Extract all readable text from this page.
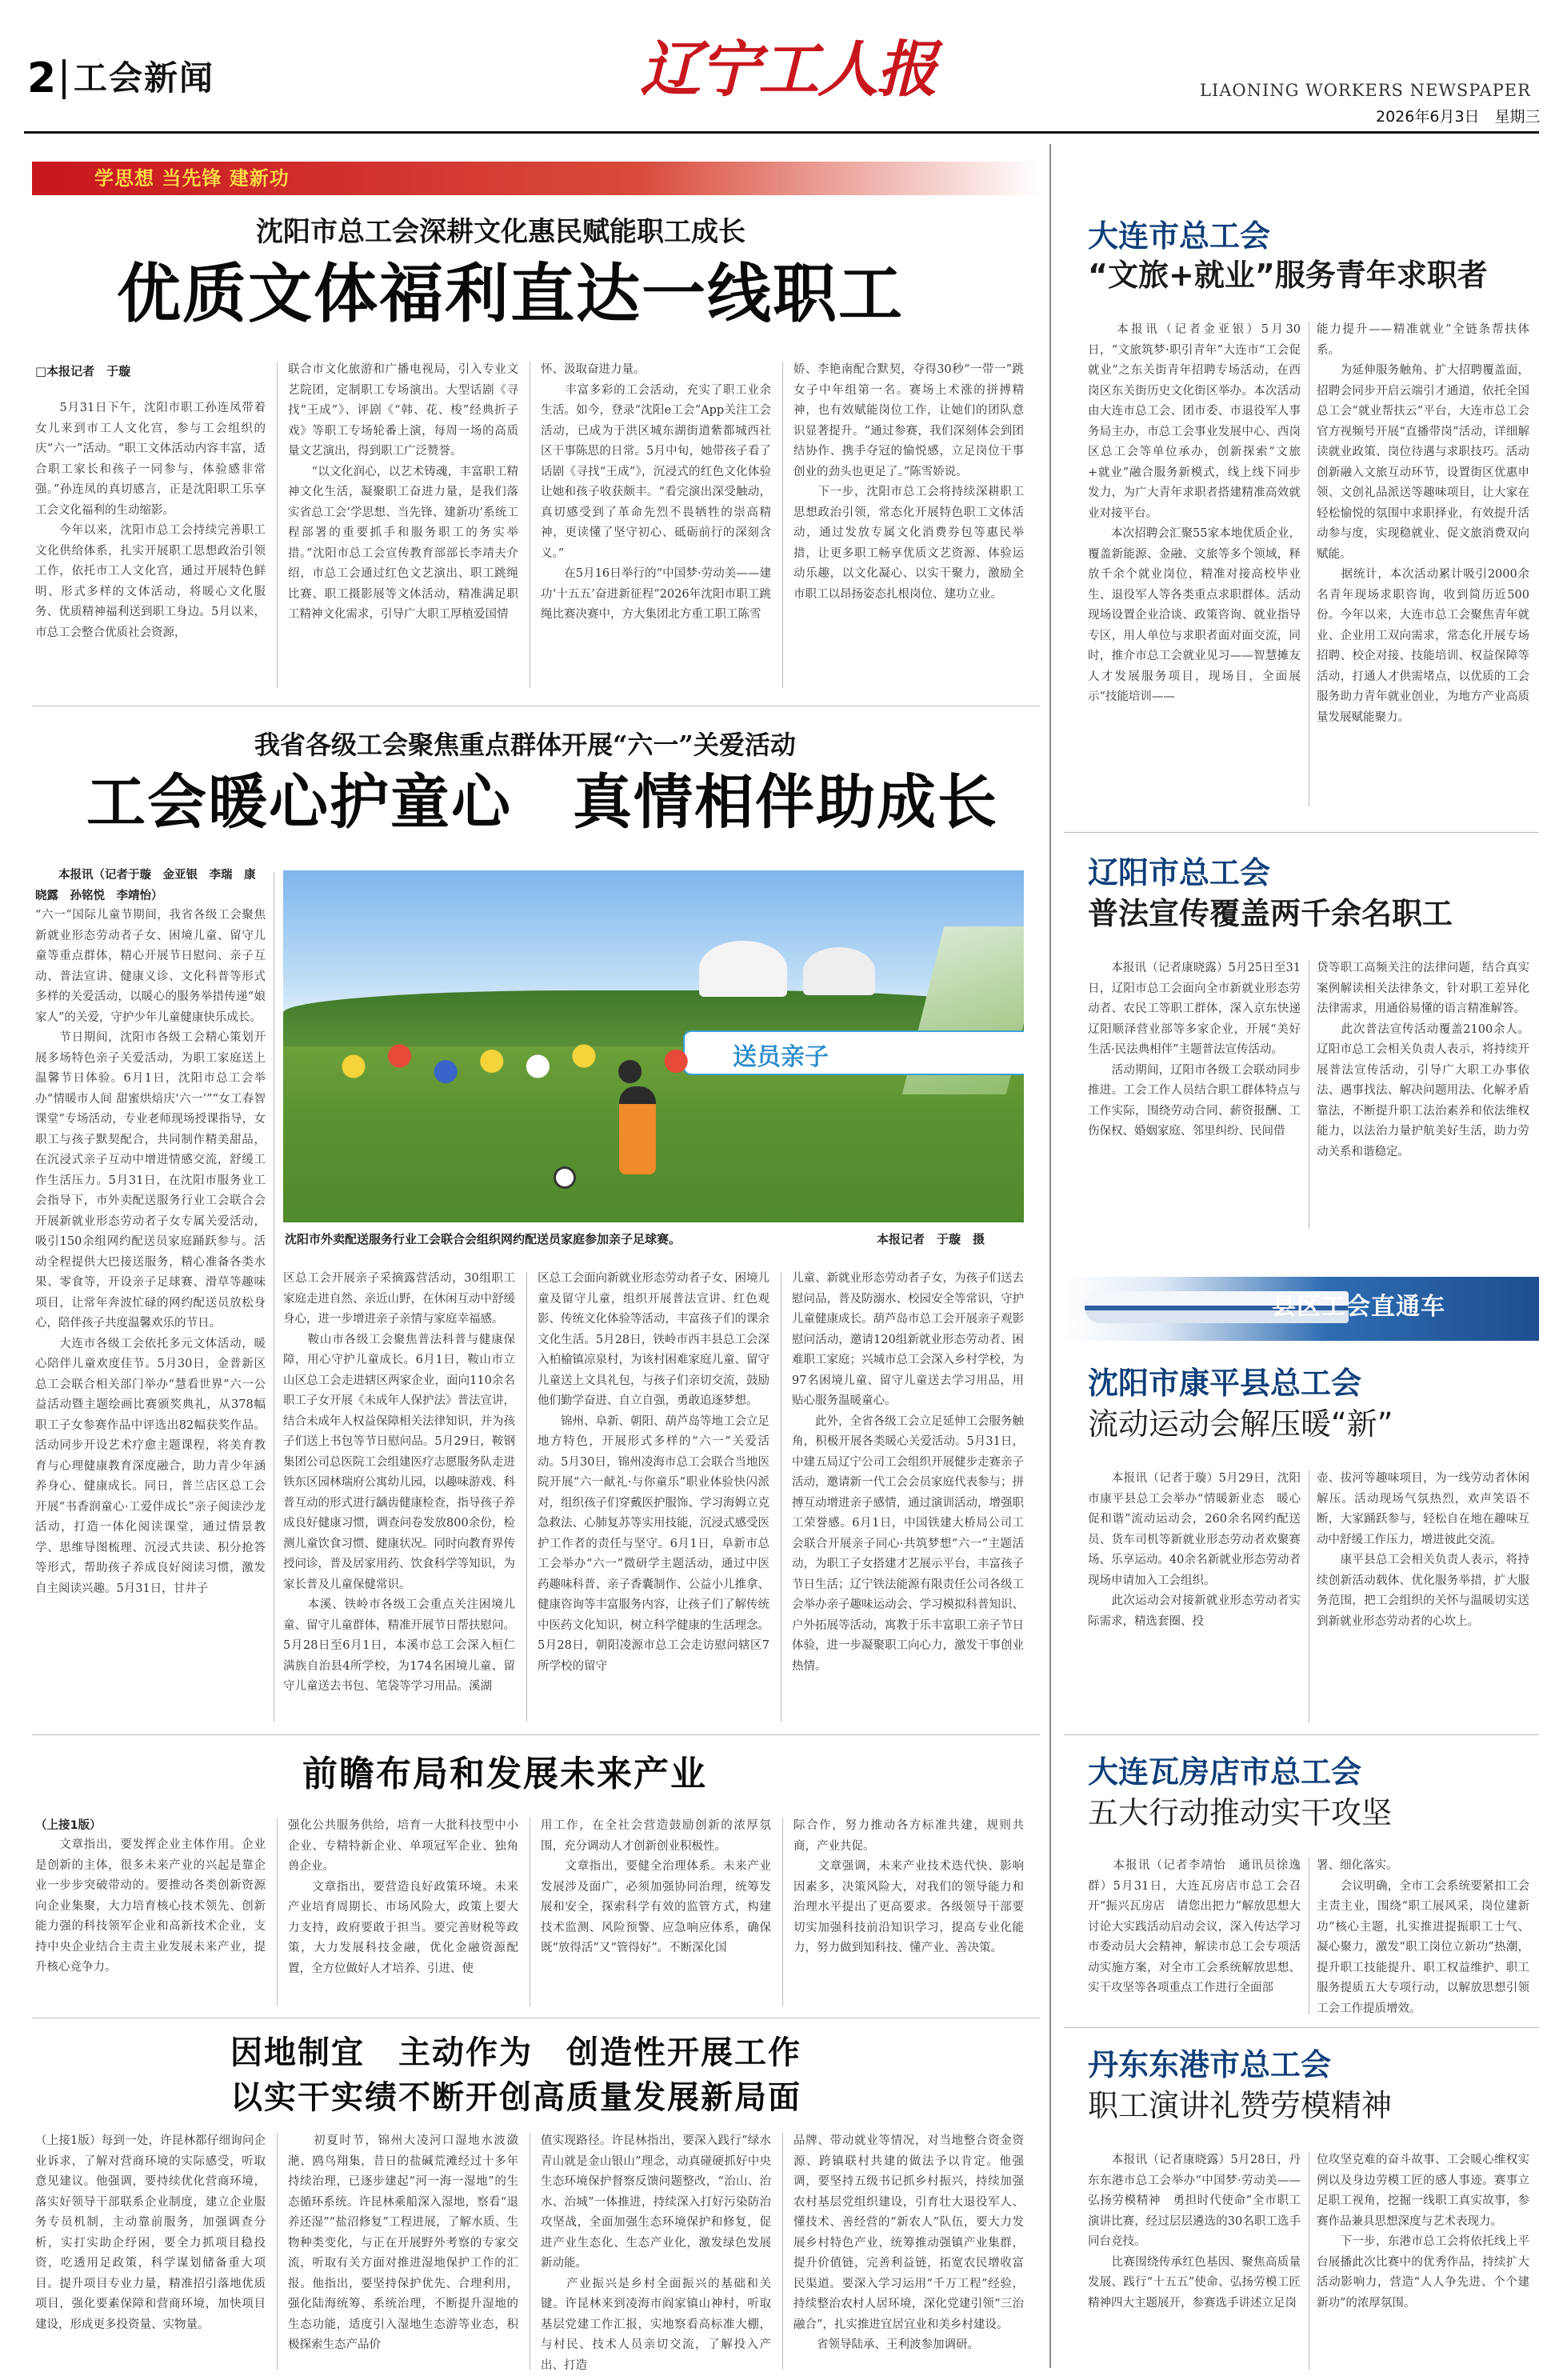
2 工会新闻	辽宁工人报	LIAONING WORKERS NEWSPAPER
2026年6月3日　 星期三
学思想 当先锋 建新功
沈阳市总工会深耕文化惠民赋能职工成长
优质文体福利直达一线职工
□本报记者　于璇

　　5月31日下午，沈阳市职工孙连凤带着女儿来到市工人文化宫，参与工会组织的庆“六一”活动。“职工文体活动内容丰富，适合职工家长和孩子一同参与，体验感非常强。”孙连凤的真切感言，正是沈阳职工乐享工会文化福利的生动缩影。
　　今年以来，沈阳市总工会持续完善职工文化供给体系，扎实开展职工思想政治引领工作，依托市工人文化宫，通过开展特色鲜明、形式多样的文体活动，将暖心文化服务、优质精神福利送到职工身边。5月以来，市总工会整合优质社会资源，

联合市文化旅游和广播电视局，引入专业文艺院团，定制职工专场演出。大型话剧《寻找“王成”》、评剧《“韩、花、梭”经典折子戏》等职工专场轮番上演，每周一场的高质量文艺演出，得到职工广泛赞誉。
　　“以文化润心，以艺术铸魂，丰富职工精神文化生活，凝聚职工奋进力量，是我们落实省总工会‘学思想、当先锋、建新功’系统工程部署的重要抓手和服务职工的务实举措。”沈阳市总工会宣传教育部部长李靖夫介绍，市总工会通过红色文艺演出、职工跳绳比赛、职工摄影展等文体活动，精准满足职工精神文化需求，引导广大职工厚植爱国情

怀、汲取奋进力量。
　　丰富多彩的工会活动，充实了职工业余生活。如今，登录“沈阳e工会”App关注工会活动，已成为于洪区城东湖街道紫都城西社区干事陈思的日常。5月中旬，她带孩子看了话剧《寻找“王成”》，沉浸式的红色文化体验让她和孩子收获颇丰。“看完演出深受触动，真切感受到了革命先烈不畏牺牲的崇高精神，更读懂了坚守初心、砥砺前行的深刻含义。”
　　在5月16日举行的“中国梦·劳动美——建功‘十五五’奋进新征程”2026年沈阳市职工跳绳比赛决赛中，方大集团北方重工职工陈雪

娇、李艳南配合默契，夺得30秒“一带一”跳女子中年组第一名。赛场上术涨的拼搏精神，也有效赋能岗位工作，让她们的团队意识显著提升。“通过参赛，我们深刻体会到团结协作、携手夺冠的愉悦感，立足岗位干事创业的劲头也更足了。”陈雪娇说。
　　下一步，沈阳市总工会将持续深耕职工思想政治引领，常态化开展特色职工文体活动，通过发放专属文化消费券包等惠民举措，让更多职工畅享优质文艺资源、体验运动乐趣，以文化凝心、以实干聚力，激励全市职工以昂扬姿态扎根岗位、建功立业。

我省各级工会聚焦重点群体开展“六一”关爱活动
工会暖心护童心　真情相伴助成长
　　本报讯（记者于璇　金亚银　李瑞　康晓露　孙铭悦　李靖怡）

“六一”国际儿童节期间，我省各级工会聚焦新就业形态劳动者子女、困境儿童、留守儿童等重点群体，精心开展节日慰问、亲子互动、普法宣讲、健康义诊、文化科普等形式多样的关爱活动，以暖心的服务举措传递“娘家人”的关爱，守护少年儿童健康快乐成长。
　　节日期间，沈阳市各级工会精心策划开展多场特色亲子关爱活动，为职工家庭送上温馨节日体验。6月1日，沈阳市总工会举办“情暖市人间 甜蜜烘焙庆‘六一’”“女工春智课堂”专场活动，专业老师现场授课指导，女职工与孩子默契配合，共同制作精美甜品，在沉浸式亲子互动中增进情感交流，舒缓工作生活压力。5月31日，在沈阳市服务业工会指导下，市外卖配送服务行业工会联合会开展新就业形态劳动者子女专属关爱活动，吸引150余组网约配送员家庭踊跃参与。活动全程提供大巴接送服务，精心准备各类水果、零食等，开设亲子足球赛、滑草等趣味项目，让常年奔波忙碌的网约配送员放松身心，陪伴孩子共度温馨欢乐的节日。
　　大连市各级工会依托多元文体活动，暖心陪伴儿童欢度佳节。5月30日，金普新区总工会联合相关部门举办“慧看世界”六一公益活动暨主题绘画比赛颁奖典礼，从378幅职工子女参赛作品中评选出82幅获奖作品。活动同步开设艺术疗愈主题课程，将美育教育与心理健康教育深度融合，助力青少年涵养身心、健康成长。同日，普兰店区总工会开展“书香润童心·工爱伴成长”亲子阅读沙龙活动，打造一体化阅读课堂，通过情景教学、思维导图梳理、沉浸式共读、积分抢答等形式，帮助孩子养成良好阅读习惯，激发自主阅读兴趣。5月31日，甘井子

送员亲子
沈阳市外卖配送服务行业工会联合会组织网约配送员家庭参加亲子足球赛。	本报记者　于璇　摄

区总工会开展亲子采摘露营活动，30组职工家庭走进自然、亲近山野，在休闲互动中舒缓身心，进一步增进亲子亲情与家庭幸福感。
　　鞍山市各级工会聚焦普法科普与健康保障，用心守护儿童成长。6月1日，鞍山市立山区总工会走进辖区两家企业，面向110余名职工子女开展《未成年人保护法》普法宣讲，结合未成年人权益保障相关法律知识，并为孩子们送上书包等节日慰问品。5月29日，鞍钢集团公司总医院工会组建医疗志愿服务队走进铁东区园林瑞府公寓幼儿园，以趣味游戏、科普互动的形式进行龋齿健康检查，指导孩子养成良好健康习惯，调查问卷发放800余份，检测儿童饮食习惯、健康状况。同时向教育界传授问诊，普及居家用药、饮食科学等知识，为家长普及儿童保健常识。
　　本溪、铁岭市各级工会重点关注困境儿童、留守儿童群体，精准开展节日帮扶慰问。5月28日至6月1日，本溪市总工会深入桓仁满族自治县4所学校，为174名困境儿童、留守儿童送去书包、笔袋等学习用品。溪湖

区总工会面向新就业形态劳动者子女、困境儿童及留守儿童，组织开展普法宣讲、红色观影、传统文化体验等活动，丰富孩子们的课余文化生活。5月28日，铁岭市西丰县总工会深入柏榆镇凉泉村，为该村困难家庭儿童、留守儿童送上文具礼包，与孩子们亲切交流，鼓励他们勤学奋进、自立自强，勇敢追逐梦想。
　　锦州、阜新、朝阳、葫芦岛等地工会立足地方特色，开展形式多样的“六一”关爱活动。5月30日，锦州凌海市总工会联合当地医院开展“六一献礼·与你童乐”职业体验快闪派对，组织孩子们穿戴医护服饰、学习海姆立克急救法、心肺复苏等实用技能，沉浸式感受医护工作者的责任与坚守。6月1日，阜新市总工会举办“六一”微研学主题活动，通过中医药趣味科普、亲子香囊制作、公益小儿推拿、健康咨询等丰富服务内容，让孩子们了解传统中医药文化知识，树立科学健康的生活理念。5月28日，朝阳凌源市总工会走访慰问辖区7所学校的留守

儿童、新就业形态劳动者子女，为孩子们送去慰问品，普及防溺水、校园安全等常识，守护儿童健康成长。葫芦岛市总工会开展亲子观影慰问活动，邀请120组新就业形态劳动者、困难职工家庭；兴城市总工会深入乡村学校，为97名困境儿童、留守儿童送去学习用品，用贴心服务温暖童心。
　　此外，全省各级工会立足延伸工会服务触角，积极开展各类暖心关爱活动。5月31日，中建五局辽宁公司工会组织开展健步走赛亲子活动，邀请新一代工会会员家庭代表参与；拼搏互动增进亲子感情，通过演训活动，增强职工荣誉感。6月1日，中国铁建大桥局公司工会联合开展亲子同心·共筑梦想“六一”主题活动，为职工子女搭建才艺展示平台，丰富孩子节日生活；辽宁铁法能源有限责任公司各级工会举办亲子趣味运动会、学习模拟科普知识、户外拓展等活动，寓教于乐丰富职工亲子节日体验，进一步凝聚职工向心力，激发干事创业热情。

前瞻布局和发展未来产业
（上接1版）

　　文章指出，要发挥企业主体作用。企业是创新的主体，很多未来产业的兴起是靠企业一步步突破带动的。要推动各类创新资源向企业集聚，大力培育核心技术领先、创新能力强的科技领军企业和高新技术企业，支持中央企业结合主责主业发展未来产业，提升核心竞争力。

强化公共服务供给，培育一大批科技型中小企业、专精特新企业、单项冠军企业、独角兽企业。
　　文章指出，要营造良好政策环境。未来产业培育周期长、市场风险大，政策上要大力支持，政府要敢于担当。要完善财税等政策，大力发展科技金融，优化金融资源配置，全方位做好人才培养、引进、使

用工作，在全社会营造鼓励创新的浓厚氛围，充分调动人才创新创业积极性。
　　文章指出，要健全治理体系。未来产业发展涉及面广，必须加强协同治理，统筹发展和安全，探索科学有效的监管方式，构建技术监测、风险预警、应急响应体系，确保既“放得活”又“管得好”。不断深化国

际合作，努力推动各方标准共建，规则共商，产业共促。
　　文章强调，未来产业技术迭代快、影响因素多，决策风险大，对我们的领导能力和治理水平提出了更高要求。各级领导干部要切实加强科技前沿知识学习，提高专业化能力，努力做到知科技、懂产业、善决策。

因地制宜　主动作为　创造性开展工作
以实干实绩不断开创高质量发展新局面

（上接1版）每到一处，许昆林都仔细询问企业诉求，了解对营商环境的实际感受，听取意见建议。他强调，要持续优化营商环境，落实好领导干部联系企业制度，建立企业服务专员机制，主动靠前服务，加强调查分析，实打实助企纾困，要全力抓项目稳投资，吃透用足政策，科学谋划储备重大项目。提升项目专业力量，精准招引落地优质项目，强化要素保障和营商环境，加快项目建设，形成更多投资量、实物量。

　　初夏时节，锦州大凌河口湿地水波潋滟、鸥鸟翔集，昔日的盐碱荒滩经过十多年持续治理，已逐步建起“河一海一湿地”的生态循环系统。许昆林乘船深入湿地，察看“退养还湿”“盐沼修复”工程进展，了解水质、生物种类变化，与正在开展野外考察的专家交流，听取有关方面对推进湿地保护工作的汇报。他指出，要坚持保护优先、合理利用，强化陆海统筹、系统治理，不断提升湿地的生态功能，适度引入湿地生态游等业态，积极探索生态产品价

值实现路径。许昆林指出，要深入践行“绿水青山就是金山银山”理念，动真碰硬抓好中央生态环境保护督察反馈问题整改，“治山、治水、治城”一体推进，持续深入打好污染防治攻坚战，全面加强生态环境保护和修复，促进产业生态化、生态产业化，激发绿色发展新动能。
　　产业振兴是乡村全面振兴的基础和关键。许昆林来到凌海市阎家镇山神村，听取基层党建工作汇报，实地察看高标准大棚，与村民、技术人员亲切交流，了解投入产出、打造

品牌、带动就业等情况，对当地整合资金资源、跨镇联村共建的做法予以肯定。他强调，要坚持五级书记抓乡村振兴，持续加强农村基层党组织建设，引育壮大退役军人、懂技术、善经营的“新农人”队伍，要大力发展乡村特色产业，统筹推动强镇产业集群，提升价值链，完善利益链，拓宽农民增收富民渠道。要深入学习运用“千万工程”经验，持续整治农村人居环境，深化党建引领“三治融合”，扎实推进宜居宜业和美乡村建设。
　　省领导陆承、王利波参加调研。

大连市总工会
“文旅+就业”服务青年求职者

　　本报讯（记者金亚银）5月30日，“文旅筑梦·职引青年”大连市“工会促就业”之东关街青年招聘专场活动，在西岗区东关街历史文化街区举办。本次活动由大连市总工会、团市委、市退役军人事务局主办，市总工会事业发展中心、西岗区总工会等单位承办，创新探索“文旅+就业”融合服务新模式，线上线下同步发力，为广大青年求职者搭建精准高效就业对接平台。
　　本次招聘会汇聚55家本地优质企业，覆盖新能源、金融、文旅等多个领域，释放千余个就业岗位，精准对接高校毕业生、退役军人等各类重点求职群体。活动现场设置企业洽谈、政策咨询、就业指导专区，用人单位与求职者面对面交流，同时，推介市总工会就业见习——智慧摊友人才发展服务项目，现场目，全面展示“技能培训——

能力提升——精准就业”全链条帮扶体系。
　　为延伸服务触角、扩大招聘覆盖面，招聘会同步开启云端引才通道，依托全国总工会“就业帮扶云”平台，大连市总工会官方视频号开展“直播带岗”活动，详细解读就业政策、岗位待遇与求职技巧。活动创新融入文旅互动环节，设置街区优惠申领、文创礼品派送等趣味项目，让大家在轻松愉悦的氛围中求职择业，有效提升活动参与度，实现稳就业、促文旅消费双向赋能。
　　据统计，本次活动累计吸引2000余名青年现场求职咨询，收到简历近500份。今年以来，大连市总工会聚焦青年就业、企业用工双向需求，常态化开展专场招聘、校企对接、技能培训、权益保障等活动，打通人才供需堵点，以优质的工会服务助力青年就业创业，为地方产业高质量发展赋能聚力。

辽阳市总工会
普法宣传覆盖两千余名职工

　　本报讯（记者康晓露）5月25日至31日，辽阳市总工会面向全市新就业形态劳动者、农民工等职工群体，深入京东快递辽阳顺泽营业部等多家企业，开展“美好生活·民法典相伴”主题普法宣传活动。
　　活动期间，辽阳市各级工会联动同步推进。工会工作人员结合职工群体特点与工作实际，围绕劳动合同、薪资报酬、工伤保权、婚姻家庭、邻里纠纷、民间借

贷等职工高频关注的法律问题，结合真实案例解读相关法律条文，针对职工差异化法律需求，用通俗易懂的语言精准解答。
　　此次普法宣传活动覆盖2100余人。辽阳市总工会相关负责人表示，将持续开展普法宣传活动，引导广大职工办事依法、遇事找法、解决问题用法、化解矛盾靠法，不断提升职工法治素养和依法维权能力，以法治力量护航美好生活，助力劳动关系和谐稳定。

县区工会直通车
沈阳市康平县总工会
流动运动会解压暖“新”

　　本报讯（记者于璇）5月29日，沈阳市康平县总工会举办“情暖新业态　暖心促和谐”流动运动会，260余名网约配送员、货车司机等新就业形态劳动者欢聚赛场、乐享运动。40余名新就业形态劳动者现场申请加入工会组织。
　　此次运动会对接新就业形态劳动者实际需求，精选套圈、投

壶、拔河等趣味项目，为一线劳动者休闲解压。活动现场气氛热烈，欢声笑语不断，大家踊跃参与，轻松自在地在趣味互动中舒缓工作压力，增进彼此交流。
　　康平县总工会相关负责人表示，将持续创新活动载体、优化服务举措，扩大服务范围，把工会组织的关怀与温暖切实送到新就业形态劳动者的心坎上。

大连瓦房店市总工会
五大行动推动实干攻坚

　　本报讯（记者李靖怡　通讯员徐逸群）5月31日，大连瓦房店市总工会召开“振兴瓦房店　请您出把力”解放思想大讨论大实践活动启动会议，深入传达学习市委动员大会精神，解读市总工会专项活动实施方案，对全市工会系统解放思想、实干攻坚等各项重点工作进行全面部

署、细化落实。
　　会议明确，全市工会系统要紧扣工会主责主业，围绕“职工展风采，岗位建新功”核心主题，扎实推进提振职工士气、凝心聚力，激发“职工岗位立新功”热潮，提升职工技能提升、职工权益维护、职工服务提质五大专项行动，以解放思想引领工会工作提质增效。

丹东东港市总工会
职工演讲礼赞劳模精神

　　本报讯（记者康晓露）5月28日，丹东东港市总工会举办“中国梦·劳动美——弘扬劳模精神　勇担时代使命”全市职工演讲比赛，经过层层遴选的30名职工选手同台竞技。
　　比赛围绕传承红色基因、聚焦高质量发展、践行“十五五”使命、弘扬劳模工匠精神四大主题展开，参赛选手讲述立足岗

位攻坚克难的奋斗故事、工会暖心维权实例以及身边劳模工匠的感人事迹。赛事立足职工视角，挖掘一线职工真实故事，参赛作品兼具思想深度与艺术表现力。
　　下一步，东港市总工会将依托线上平台展播此次比赛中的优秀作品，持续扩大活动影响力，营造“人人争先进、个个建新功”的浓厚氛围。
